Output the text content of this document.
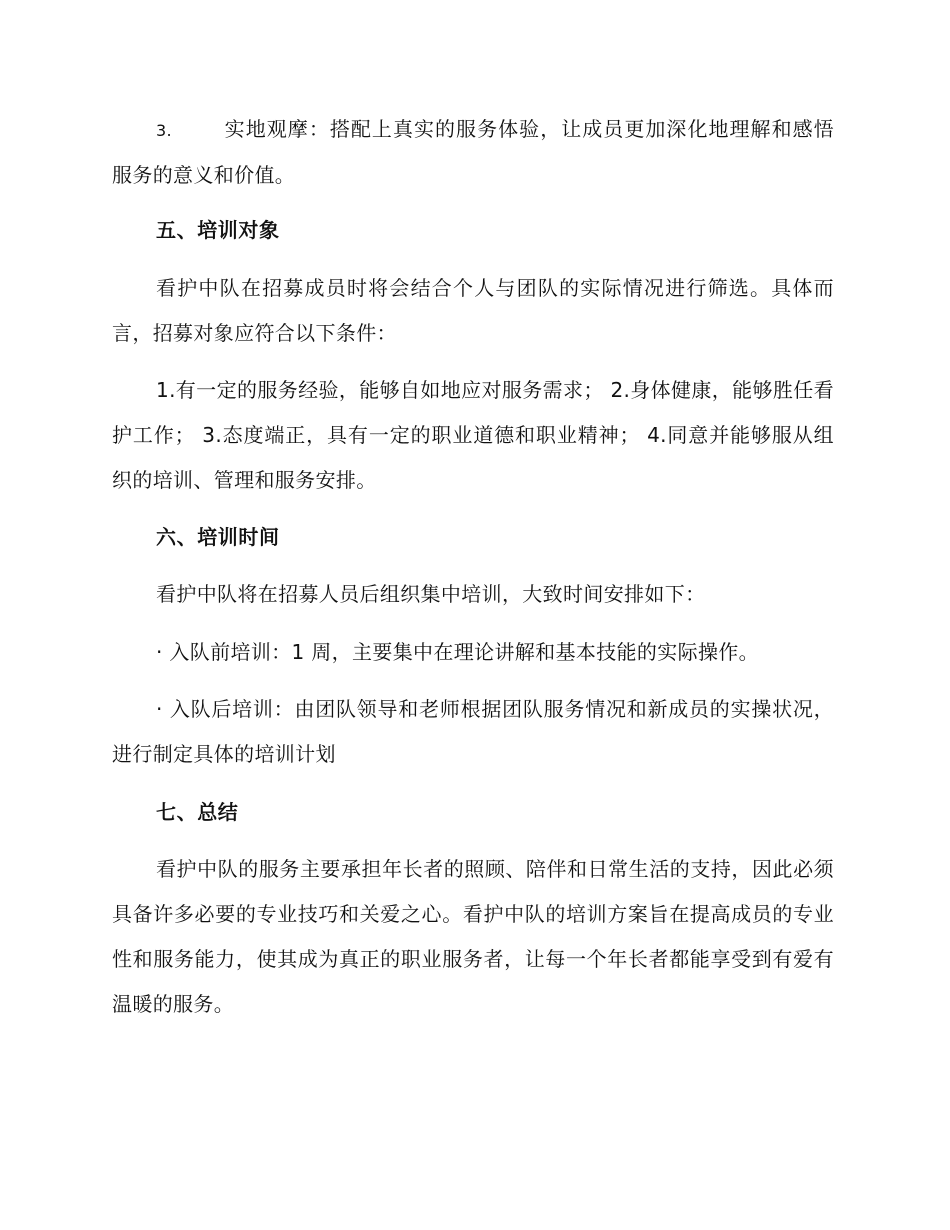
3.	实地观摩：搭配上真实的服务体验，让成员更加深化地理解和感悟服务的意义和价值。

五、培训对象

看护中队在招募成员时将会结合个人与团队的实际情况进行筛选。具体而言，招募对象应符合以下条件：

1.有一定的服务经验，能够自如地应对服务需求； 2.身体健康，能够胜任看护工作； 3.态度端正，具有一定的职业道德和职业精神； 4.同意并能够服从组织的培训、管理和服务安排。

六、培训时间

看护中队将在招募人员后组织集中培训，大致时间安排如下：

· 入队前培训：1 周，主要集中在理论讲解和基本技能的实际操作。

· 入队后培训：由团队领导和老师根据团队服务情况和新成员的实操状况，进行制定具体的培训计划

七、总结

看护中队的服务主要承担年长者的照顾、陪伴和日常生活的支持，因此必须具备许多必要的专业技巧和关爱之心。看护中队的培训方案旨在提高成员的专业性和服务能力，使其成为真正的职业服务者，让每一个年长者都能享受到有爱有温暖的服务。
